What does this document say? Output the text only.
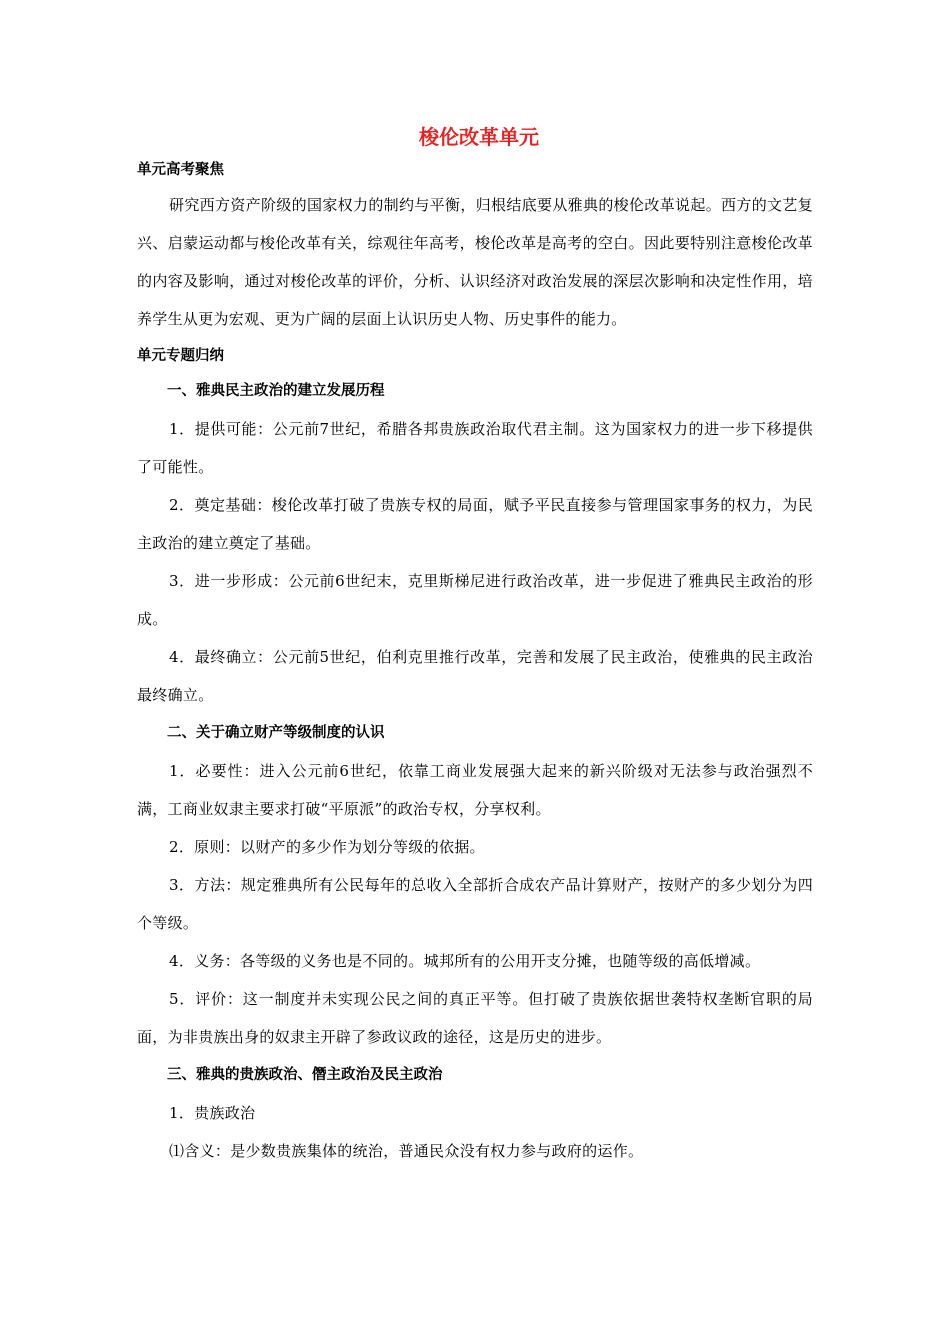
梭伦改革单元
单元高考聚焦

研究西方资产阶级的国家权力的制约与平衡，归根结底要从雅典的梭伦改革说起。西方的文艺复兴、启蒙运动都与梭伦改革有关，综观往年高考，梭伦改革是高考的空白。因此要特别注意梭伦改革的内容及影响，通过对梭伦改革的评价，分析、认识经济对政治发展的深层次影响和决定性作用，培养学生从更为宏观、更为广阔的层面上认识历史人物、历史事件的能力。

单元专题归纳
一、雅典民主政治的建立发展历程

1．提供可能：公元前7世纪，希腊各邦贵族政治取代君主制。这为国家权力的进一步下移提供了可能性。

2．奠定基础：梭伦改革打破了贵族专权的局面，赋予平民直接参与管理国家事务的权力，为民主政治的建立奠定了基础。

3．进一步形成：公元前6世纪末，克里斯梯尼进行政治改革，进一步促进了雅典民主政治的形成。

4．最终确立：公元前5世纪，伯利克里推行改革，完善和发展了民主政治，使雅典的民主政治最终确立。

二、关于确立财产等级制度的认识

1．必要性：进入公元前6世纪，依靠工商业发展强大起来的新兴阶级对无法参与政治强烈不满，工商业奴隶主要求打破“平原派”的政治专权，分享权利。

2．原则：以财产的多少作为划分等级的依据。

3．方法：规定雅典所有公民每年的总收入全部折合成农产品计算财产，按财产的多少划分为四个等级。

4．义务：各等级的义务也是不同的。城邦所有的公用开支分摊，也随等级的高低增减。

5．评价：这一制度并未实现公民之间的真正平等。但打破了贵族依据世袭特权垄断官职的局面，为非贵族出身的奴隶主开辟了参政议政的途径，这是历史的进步。

三、雅典的贵族政治、僭主政治及民主政治

1．贵族政治

⑴含义：是少数贵族集体的统治，普通民众没有权力参与政府的运作。
